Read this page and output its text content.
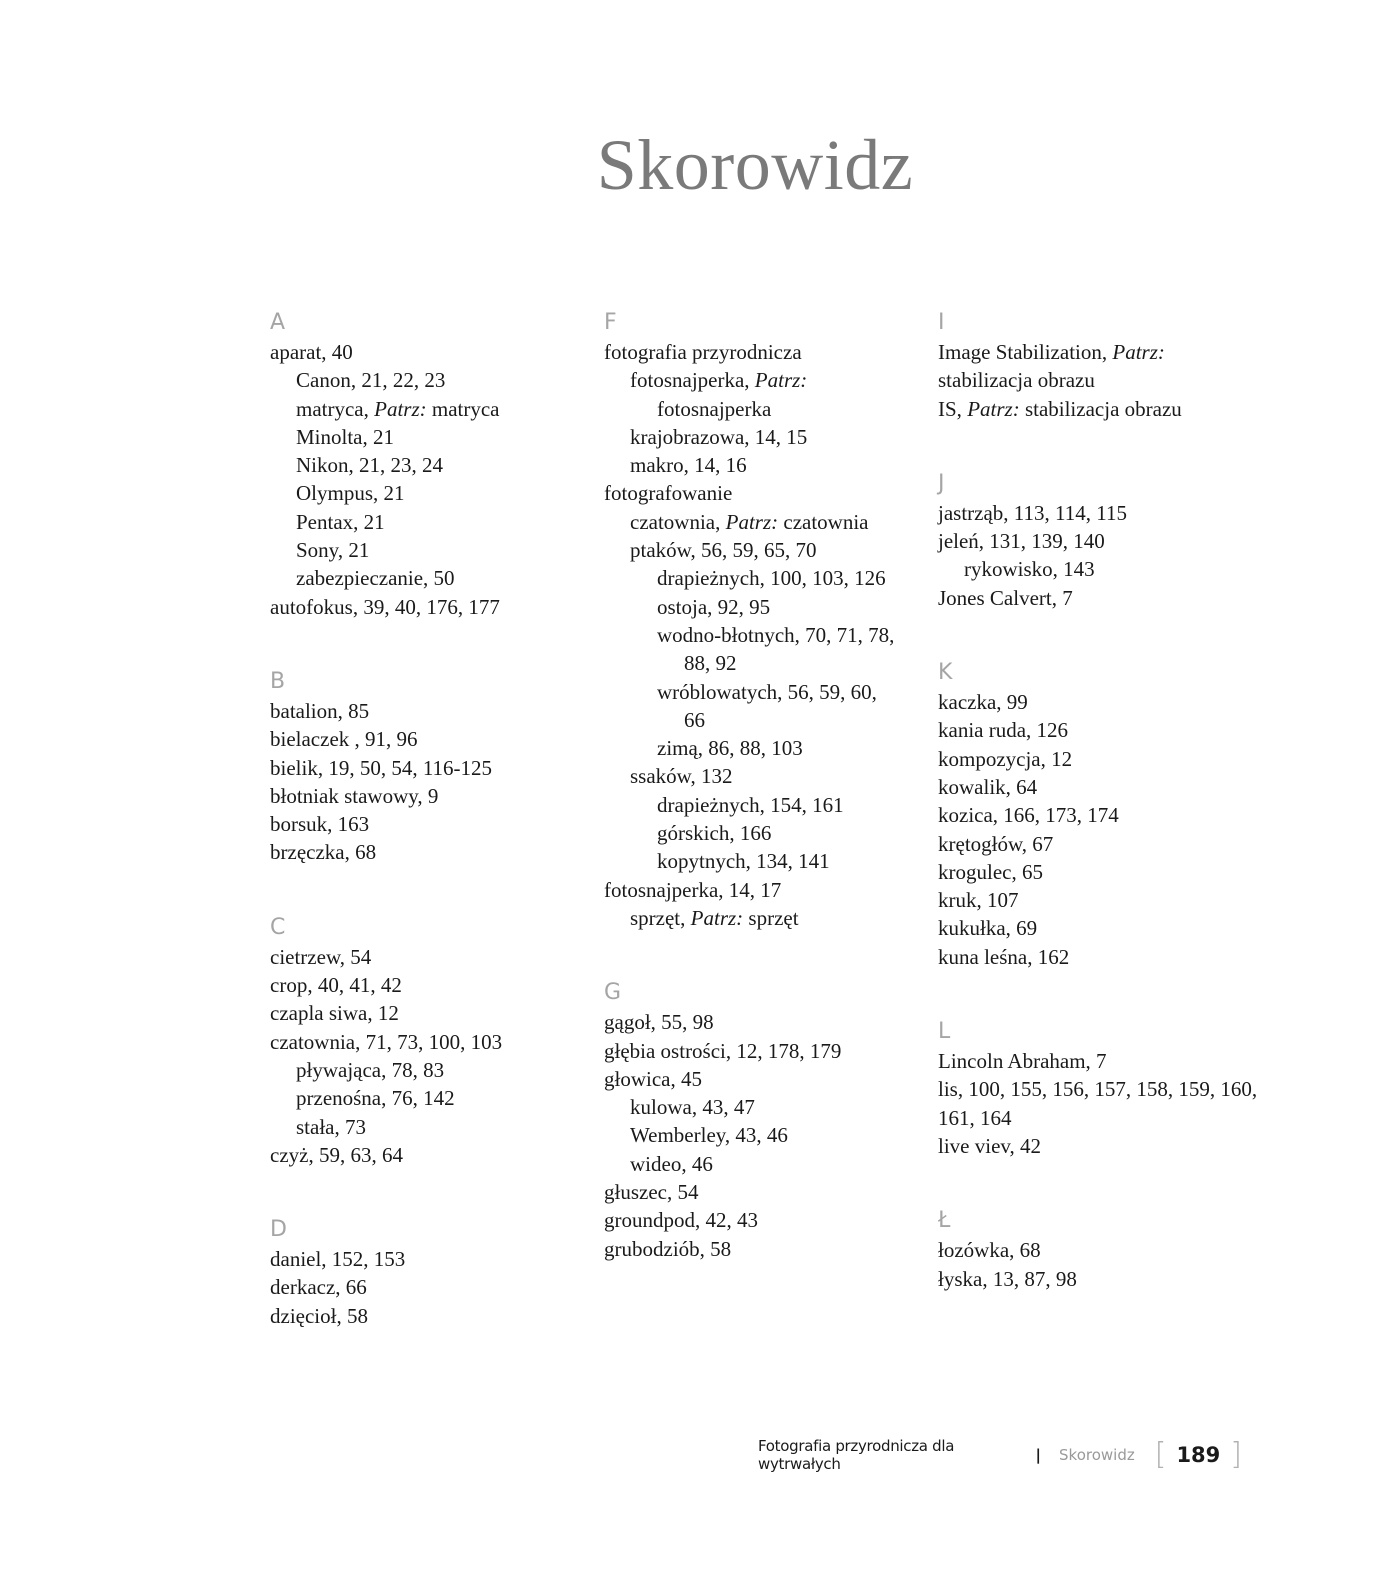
Skorowidz
A
aparat, 40
Canon, 21, 22, 23
matryca, Patrz: matryca
Minolta, 21
Nikon, 21, 23, 24
Olympus, 21
Pentax, 21
Sony, 21
zabezpieczanie, 50
autofokus, 39, 40, 176, 177
B
batalion, 85
bielaczek , 91, 96
bielik, 19, 50, 54, 116-125
błotniak stawowy, 9
borsuk, 163
brzęczka, 68
C
cietrzew, 54
crop, 40, 41, 42
czapla siwa, 12
czatownia, 71, 73, 100, 103
pływająca, 78, 83
przenośna, 76, 142
stała, 73
czyż, 59, 63, 64
D
daniel, 152, 153
derkacz, 66
dzięcioł, 58
F
fotografia przyrodnicza
fotosnajperka, Patrz:
fotosnajperka
krajobrazowa, 14, 15
makro, 14, 16
fotografowanie
czatownia, Patrz: czatownia
ptaków, 56, 59, 65, 70
drapieżnych, 100, 103, 126
ostoja, 92, 95
wodno-błotnych, 70, 71, 78,
88, 92
wróblowatych, 56, 59, 60,
66
zimą, 86, 88, 103
ssaków, 132
drapieżnych, 154, 161
górskich, 166
kopytnych, 134, 141
fotosnajperka, 14, 17
sprzęt, Patrz: sprzęt
G
gągoł, 55, 98
głębia ostrości, 12, 178, 179
głowica, 45
kulowa, 43, 47
Wemberley, 43, 46
wideo, 46
głuszec, 54
groundpod, 42, 43
grubodziób, 58
I
Image Stabilization, Patrz:
stabilizacja obrazu
IS, Patrz: stabilizacja obrazu
J
jastrząb, 113, 114, 115
jeleń, 131, 139, 140
rykowisko, 143
Jones Calvert, 7
K
kaczka, 99
kania ruda, 126
kompozycja, 12
kowalik, 64
kozica, 166, 173, 174
krętogłów, 67
krogulec, 65
kruk, 107
kukułka, 69
kuna leśna, 162
L
Lincoln Abraham, 7
lis, 100, 155, 156, 157, 158, 159, 160,
161, 164
live viev, 42
Ł
łozówka, 68
łyska, 13, 87, 98
Fotografia przyrodnicza dla wytrwałych	| Skorowidz [ 189 ]
